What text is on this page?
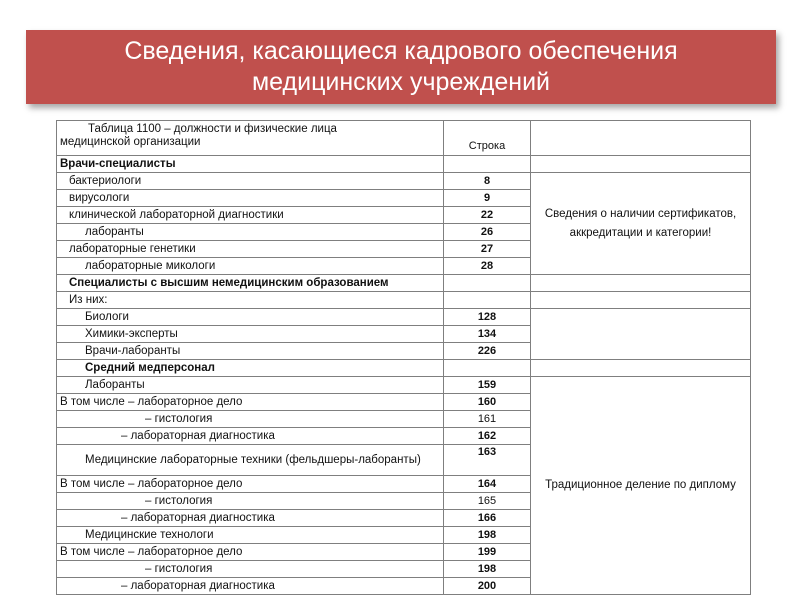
Сведения, касающиеся кадрового обеспечения
медицинских учреждений
Таблица 1100 – должности и физические лица
медицинской организации	Строка	
Врачи-специалисты		
бактериологи	8	Сведения о наличии сертификатов, аккредитации и категории!
вирусологи	9	
клинической лабораторной диагностики	22	
лаборанты	26	
лабораторные генетики	27	
лабораторные микологи	28	
Специалисты с высшим немедицинским образованием		
Из них:		
Биологи	128	
Химики-эксперты	134	
Врачи-лаборанты	226	
Средний медперсонал		
Лаборанты	159	Традиционное деление по диплому
В том числе – лабораторное дело	160	
– гистология	161	
– лабораторная диагностика	162	
Медицинские лабораторные техники (фельдшеры-лаборанты)	163	
В том числе – лабораторное дело	164	
– гистология	165	
– лабораторная диагностика	166	
Медицинские технологи	198	
В том числе – лабораторное дело	199	
– гистология	198	
– лабораторная диагностика	200	
